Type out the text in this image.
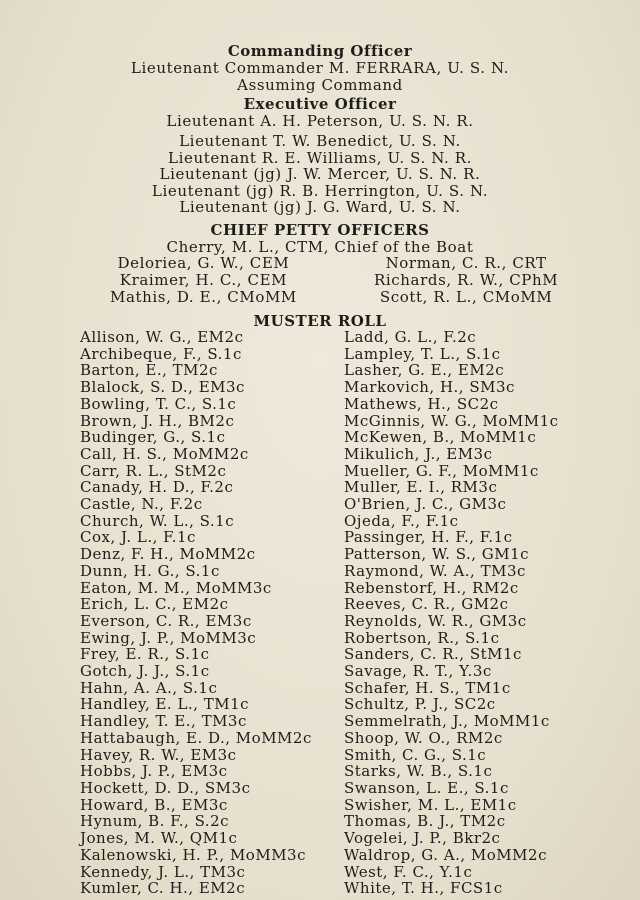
Commanding Officer
Lieutenant Commander M. FERRARA, U. S. N.
Assuming Command
Executive Officer
Lieutenant A. H. Peterson, U. S. N. R.
Lieutenant T. W. Benedict, U. S. N.
Lieutenant R. E. Williams, U. S. N. R.
Lieutenant (jg) J. W. Mercer, U. S. N. R.
Lieutenant (jg) R. B. Herrington, U. S. N.
Lieutenant (jg) J. G. Ward, U. S. N.
CHIEF PETTY OFFICERS
Cherry, M. L., CTM, Chief of the Boat
Deloriea, G. W., CEM
Kraimer, H. C., CEM
Mathis, D. E., CMoMM
Norman, C. R., CRT
Richards, R. W., CPhM
Scott, R. L., CMoMM
MUSTER ROLL
Allison, W. G., EM2c
Archibeque, F., S.1c
Barton, E., TM2c
Blalock, S. D., EM3c
Bowling, T. C., S.1c
Brown, J. H., BM2c
Budinger, G., S.1c
Call, H. S., MoMM2c
Carr, R. L., StM2c
Canady, H. D., F.2c
Castle, N., F.2c
Church, W. L., S.1c
Cox, J. L., F.1c
Denz, F. H., MoMM2c
Dunn, H. G., S.1c
Eaton, M. M., MoMM3c
Erich, L. C., EM2c
Everson, C. R., EM3c
Ewing, J. P., MoMM3c
Frey, E. R., S.1c
Gotch, J. J., S.1c
Hahn, A. A., S.1c
Handley, E. L., TM1c
Handley, T. E., TM3c
Hattabaugh, E. D., MoMM2c
Havey, R. W., EM3c
Hobbs, J. P., EM3c
Hockett, D. D., SM3c
Howard, B., EM3c
Hynum, B. F., S.2c
Jones, M. W., QM1c
Kalenowski, H. P., MoMM3c
Kennedy, J. L., TM3c
Kumler, C. H., EM2c
Ladd, G. L., F.2c
Lampley, T. L., S.1c
Lasher, G. E., EM2c
Markovich, H., SM3c
Mathews, H., SC2c
McGinnis, W. G., MoMM1c
McKewen, B., MoMM1c
Mikulich, J., EM3c
Mueller, G. F., MoMM1c
Muller, E. I., RM3c
O'Brien, J. C., GM3c
Ojeda, F., F.1c
Passinger, H. F., F.1c
Patterson, W. S., GM1c
Raymond, W. A., TM3c
Rebenstorf, H., RM2c
Reeves, C. R., GM2c
Reynolds, W. R., GM3c
Robertson, R., S.1c
Sanders, C. R., StM1c
Savage, R. T., Y.3c
Schafer, H. S., TM1c
Schultz, P. J., SC2c
Semmelrath, J., MoMM1c
Shoop, W. O., RM2c
Smith, C. G., S.1c
Starks, W. B., S.1c
Swanson, L. E., S.1c
Swisher, M. L., EM1c
Thomas, B. J., TM2c
Vogelei, J. P., Bkr2c
Waldrop, G. A., MoMM2c
West, F. C., Y.1c
White, T. H., FCS1c
